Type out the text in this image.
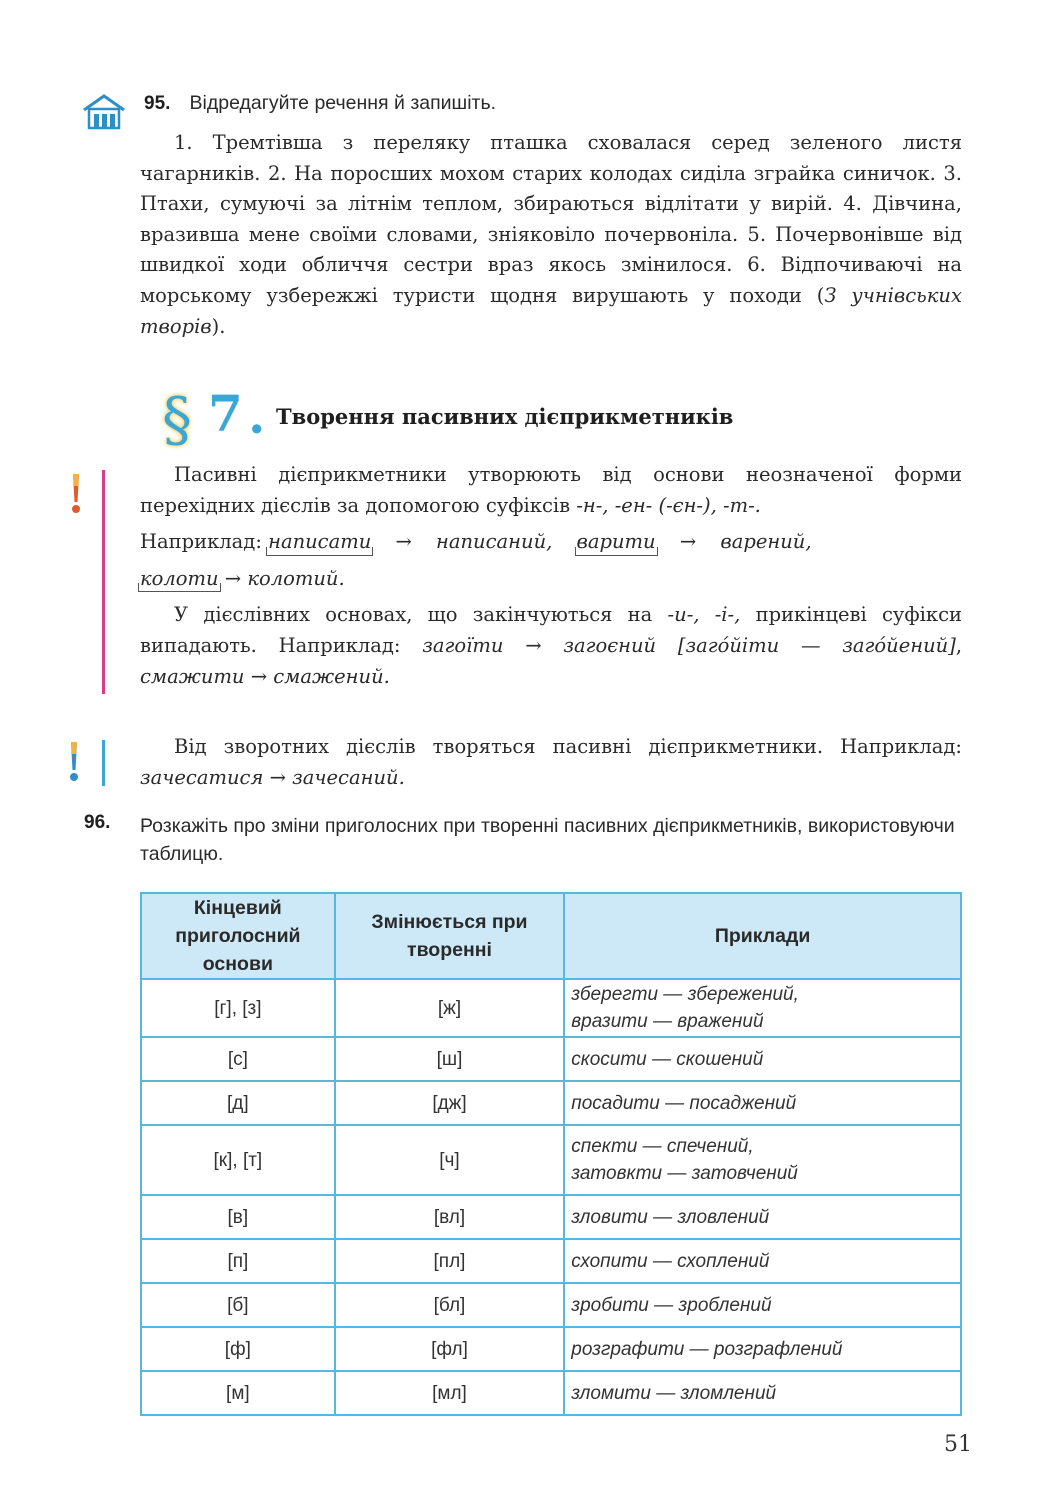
95. Відредагуйте речення й запишіть.

1. Тремтівша з переляку пташка сховалася серед зеленого листя чагарників. 2. На поросших мохом старих колодах сиділа зграйка синичок. 3. Птахи, сумуючі за літнім теплом, збираються відлітати у вирій. 4. Дівчина, вразивша мене своїми словами, зніяковіло почервоніла. 5. Почервонівше від швидкої ходи обличчя сестри враз якось змінилося. 6. Відпочиваючі на морському узбережжі туристи щодня вирушають у походи (З учнівських творів).

§ 7 . Творення пасивних дієприкметників

Пасивні дієприкметники утворюють від основи неозначеної форми перехідних дієслів за допомогою суфіксів -н-, -ен- (-єн-), -т-.

Наприклад: написати → написаний, варити → варений,

колоти → колотий.

У дієслівних основах, що закінчуються на -и-, -і-, прикінцеві суфікси випадають. Наприклад: загоїти → загоєний [загóйіти — загóйений], смажити → смажений.

Від зворотних дієслів творяться пасивні дієприкметники. Наприклад: зачесатися → зачесаний.

96. Розкажіть про зміни приголосних при творенні пасивних дієприкметників, використовуючи таблицю.
Кінцевий приголосний основи	Змінюється при творенні	Приклади
[г], [з]	[ж]	зберегти — збережений,
вразити — вражений

[с]	[ш]	скосити — скошений

[д]	[дж]	посадити — посаджений

[к], [т]	[ч]	спекти — спечений,
затовкти — затовчений

[в]	[вл]	зловити — зловлений

[п]	[пл]	схопити — схоплений

[б]	[бл]	зробити — зроблений

[ф]	[фл]	розграфити — розграфлений

[м]	[мл]	зломити — зломлений
51
